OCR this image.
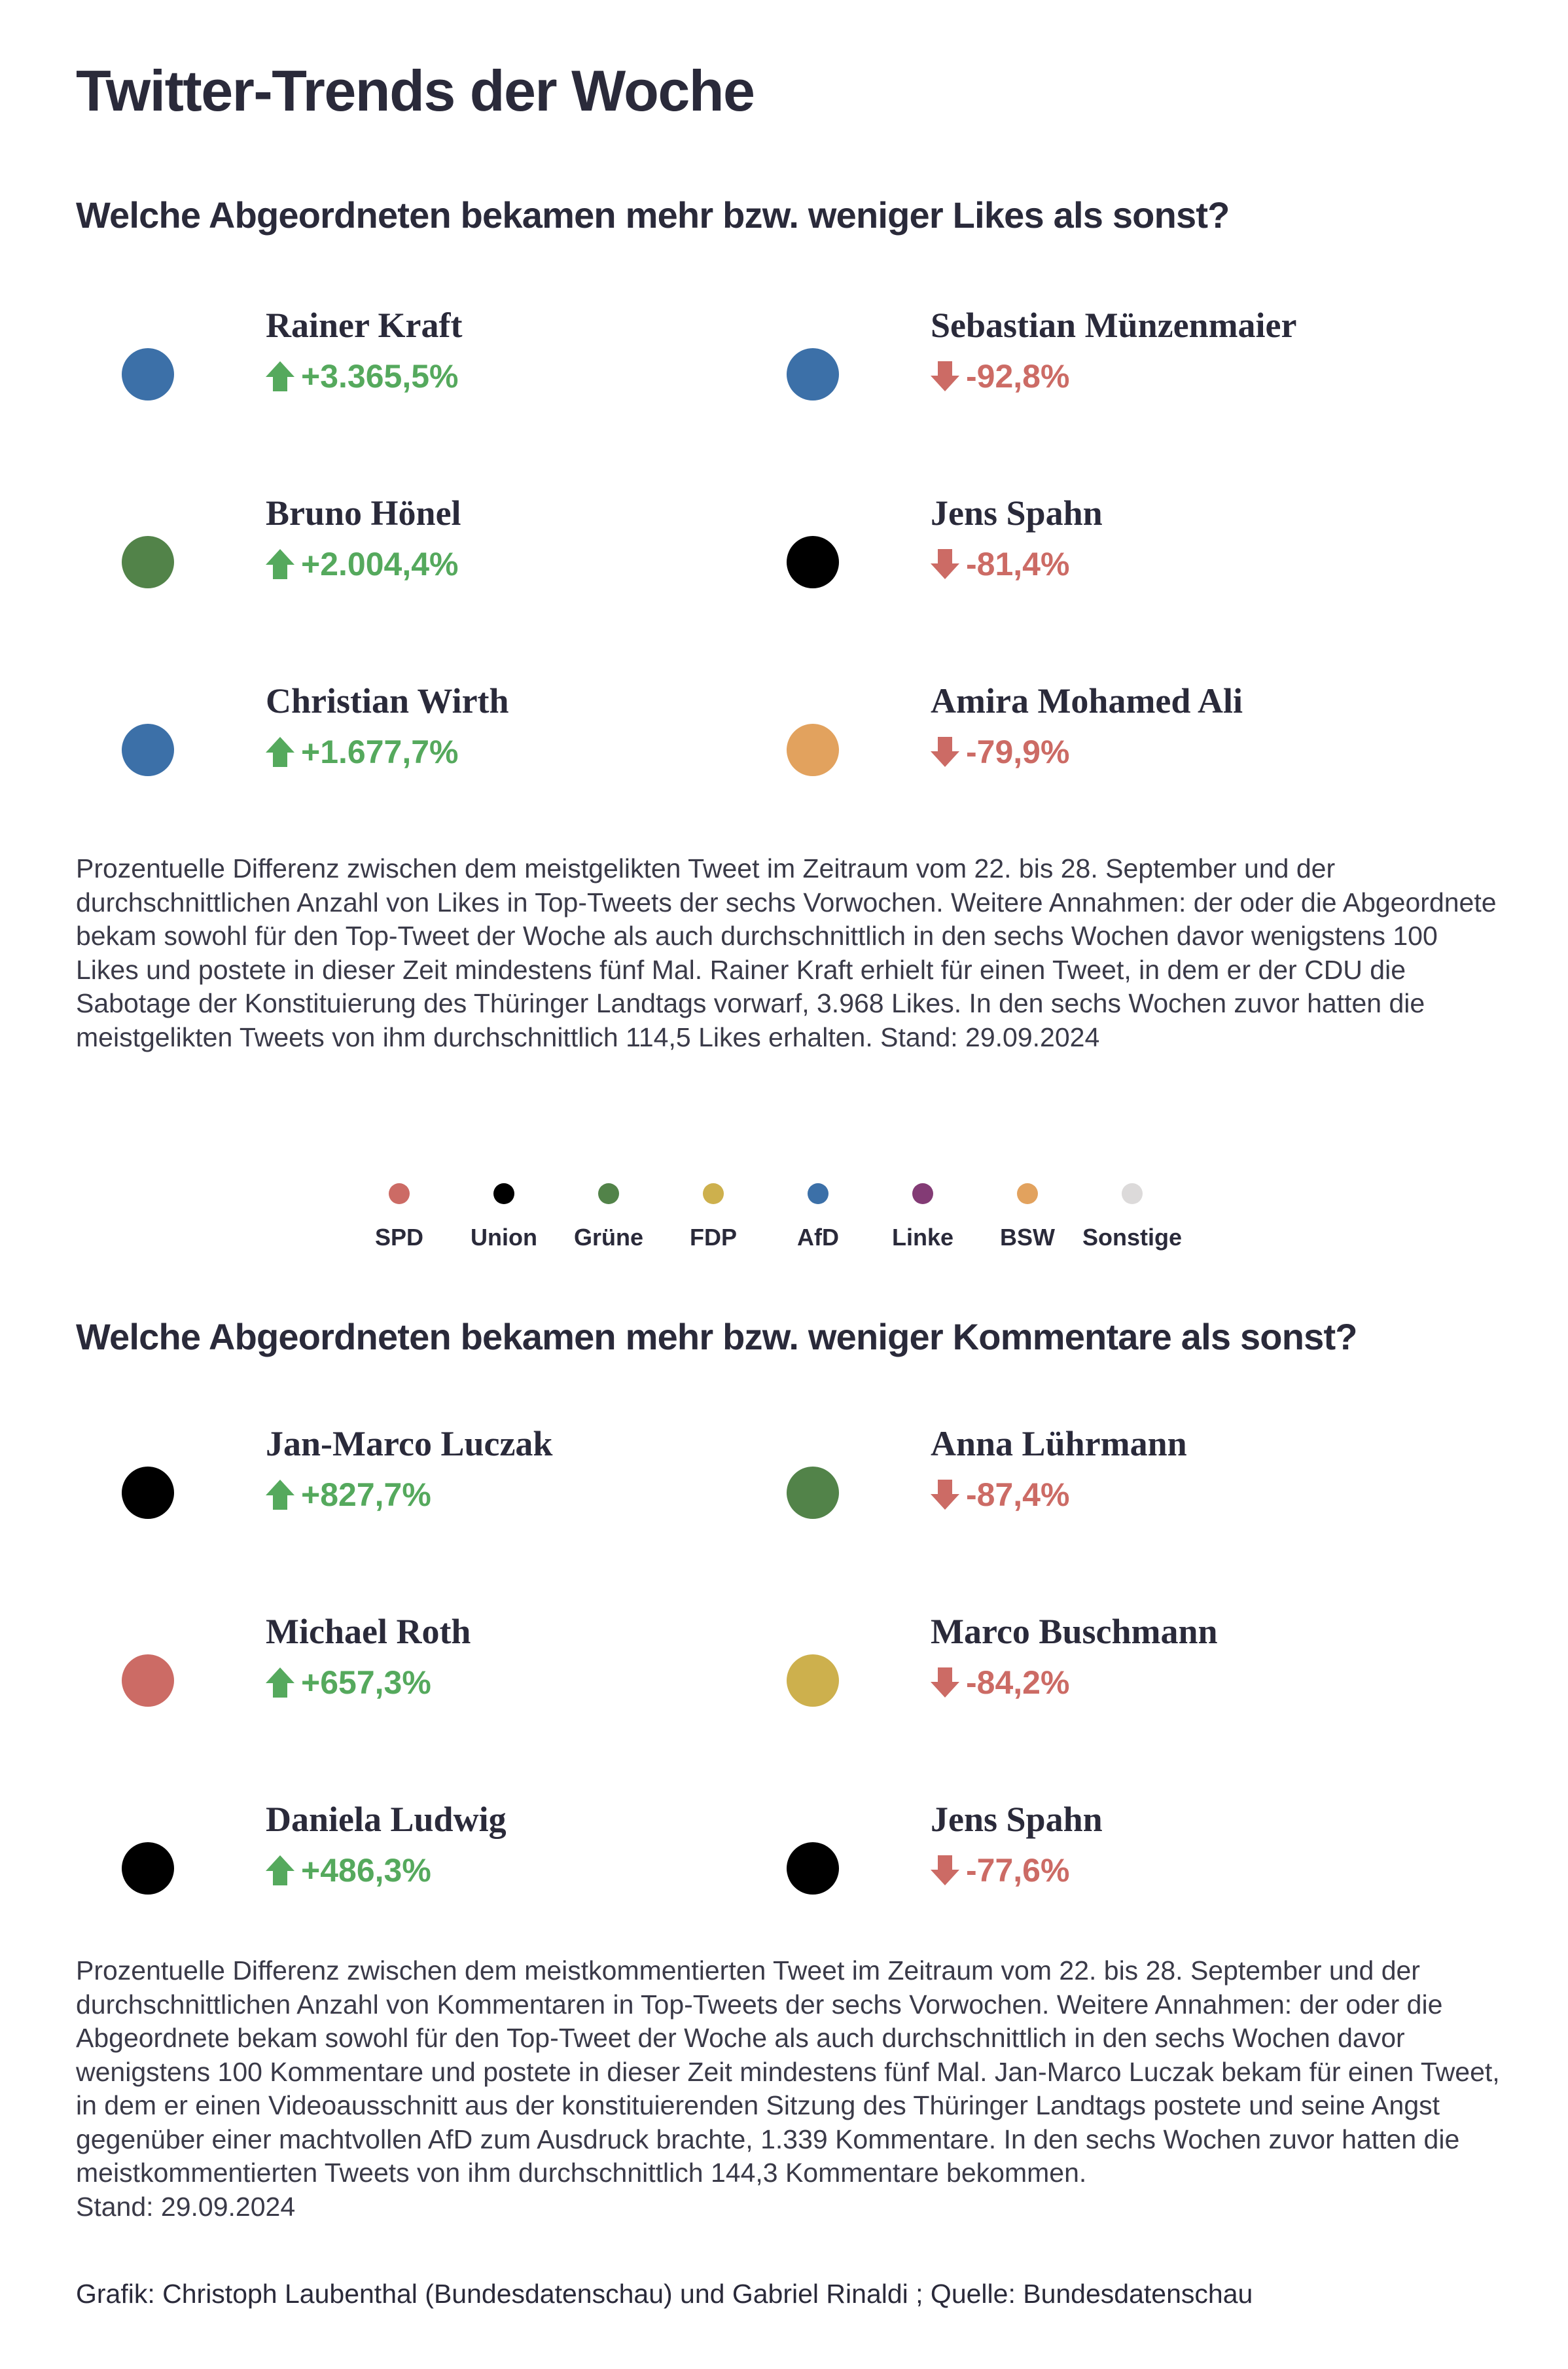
Twitter-Trends der Woche
Welche Abgeordneten bekamen mehr bzw. weniger Likes als sonst?
Rainer Kraft
+3.365,5%
Bruno Hönel
+2.004,4%
Christian Wirth
+1.677,7%
Sebastian Münzenmaier
-92,8%
Jens Spahn
-81,4%
Amira Mohamed Ali
-79,9%
Prozentuelle Differenz zwischen dem meistgelikten Tweet im Zeitraum vom 22. bis 28. September und der durchschnittlichen Anzahl von Likes in Top-Tweets der sechs Vorwochen. Weitere Annahmen: der oder die Abgeordnete bekam sowohl für den Top-Tweet der Woche als auch durchschnittlich in den sechs Wochen davor wenigstens 100 Likes und postete in dieser Zeit mindestens fünf Mal. Rainer Kraft erhielt für einen Tweet, in dem er der CDU die Sabotage der Konstituierung des Thüringer Landtags vorwarf, 3.968 Likes. In den sechs Wochen zuvor hatten die meistgelikten Tweets von ihm durchschnittlich 114,5 Likes erhalten. Stand: 29.09.2024
SPD	Union	Grüne	FDP	AfD	Linke	BSW	Sonstige
Welche Abgeordneten bekamen mehr bzw. weniger Kommentare als sonst?
Jan-Marco Luczak
+827,7%
Michael Roth
+657,3%
Daniela Ludwig
+486,3%
Anna Lührmann
-87,4%
Marco Buschmann
-84,2%
Jens Spahn
-77,6%
Prozentuelle Differenz zwischen dem meistkommentierten Tweet im Zeitraum vom 22. bis 28. September und der durchschnittlichen Anzahl von Kommentaren in Top-Tweets der sechs Vorwochen. Weitere Annahmen: der oder die Abgeordnete bekam sowohl für den Top-Tweet der Woche als auch durchschnittlich in den sechs Wochen davor wenigstens 100 Kommentare und postete in dieser Zeit mindestens fünf Mal. Jan-Marco Luczak bekam für einen Tweet, in dem er einen Videoausschnitt aus der konstituierenden Sitzung des Thüringer Landtags postete und seine Angst gegenüber einer machtvollen AfD zum Ausdruck brachte, 1.339 Kommentare. In den sechs Wochen zuvor hatten die meistkommentierten Tweets von ihm durchschnittlich 144,3 Kommentare bekommen.
Stand: 29.09.2024
Grafik: Christoph Laubenthal (Bundesdatenschau) und Gabriel Rinaldi ; Quelle: Bundesdatenschau
